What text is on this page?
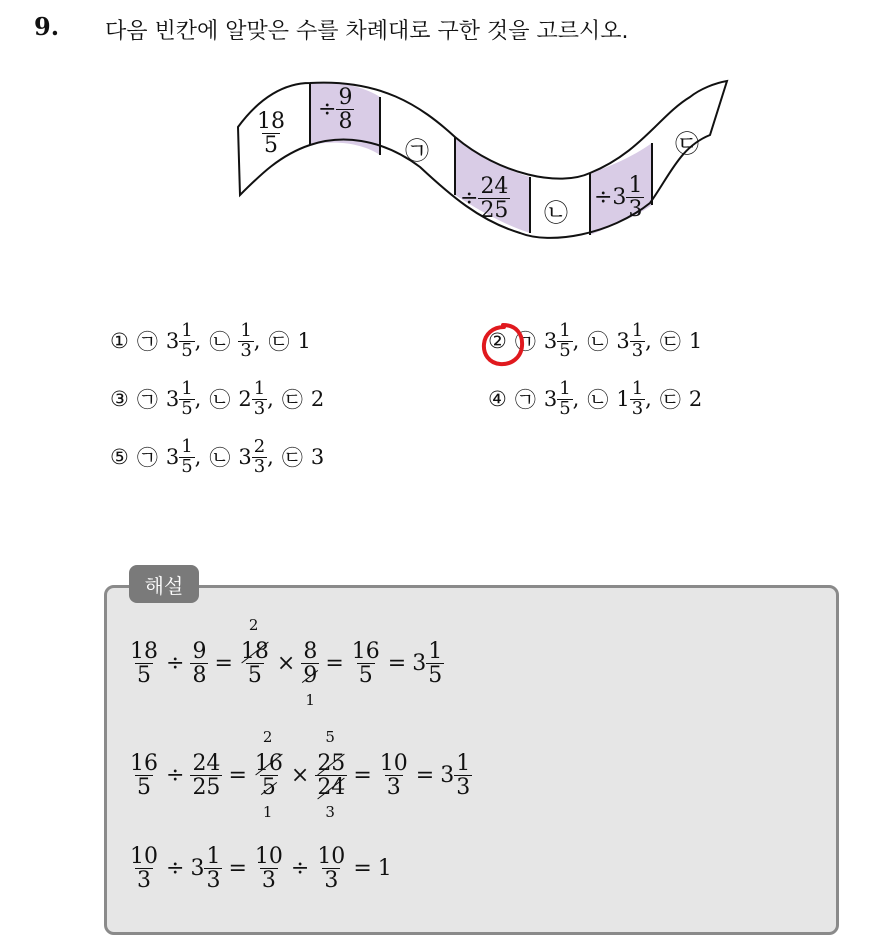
9. 다음 빈칸에 알맞은 수를 차례대로 구한 것을 고르시오.
$\frac{18}{5}$
÷ $\frac{9}{8}$
㉠
÷ $\frac{24}{25}$ ㉡
$\div 3 \frac{1}{3}$
㉢
① ㉠ $3 \frac{1}{5}$ , ㉡ $\frac{1}{3}$ , ㉢ 1	② ㉠ $3 \frac{1}{5}$ , ㉡ $3 \frac{1}{3}$ , ㉢ 1
③ ㉠ $3 \frac{1}{5}$ , ㉡ $2 \frac{1}{3}$ , ㉢ 2	④ ㉠ $3 \frac{1}{5}$ , ㉡ $1 \frac{1}{3}$ , ㉢ 2
⑤ ㉠ $3 \frac{1}{5}$ , ㉡ $3 \frac{2}{3}$ , ㉢ 3
해설
$\frac{18}{5} \div \frac{9}{8}$ =
2
18
5 × 8
9
1
= $\frac{16}{5} = 3 \frac{1}{5}$
$\frac{16}{5} \div \frac{24}{25}$ =
2
16
5
1
×
5
25
24
3
= $\frac{10}{3} = 3 \frac{1}{3}$
$\frac{10}{3} \div 3 \frac{1}{3} = \frac{10}{3} \div \frac{10}{3} = 1$
